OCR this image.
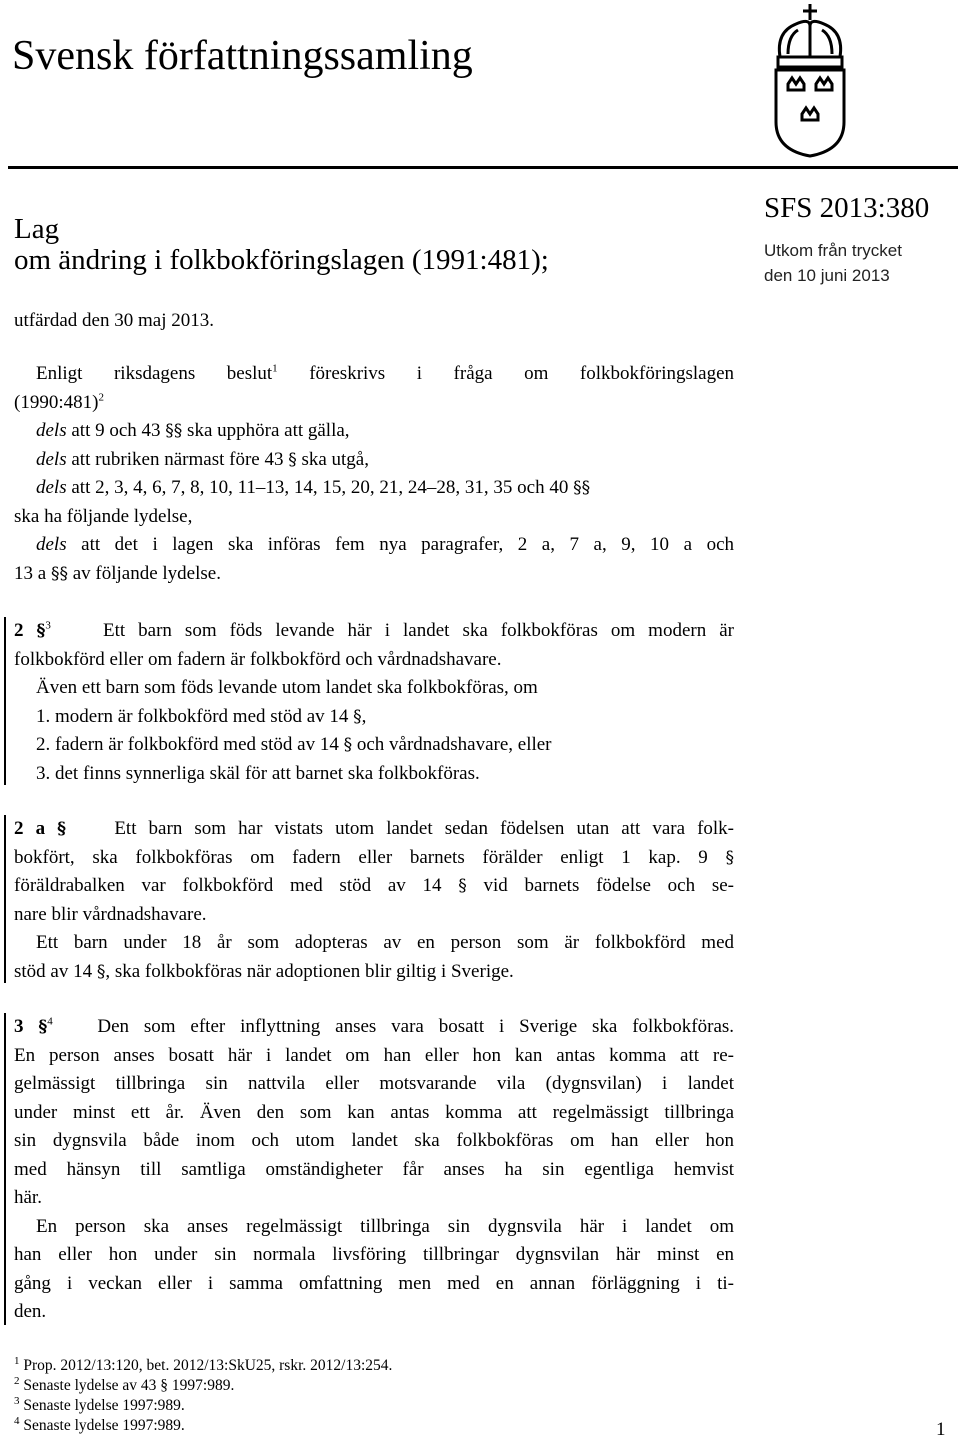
Svensk författningssamling
Lag
om ändring i folkbokföringslagen (1991:481);
SFS 2013:380
Utkom från trycket
den 10 juni 2013
utfärdad den 30 maj 2013.

Enligt riksdagens beslut$^1$ föreskrivs i fråga om folkbokföringslagen

(1990:481)$^2$

dels att 9 och 43 §§ ska upphöra att gälla,

dels att rubriken närmast före 43 § ska utgå,

dels att 2, 3, 4, 6, 7, 8, 10, 11–13, 14, 15, 20, 21, 24–28, 31, 35 och 40 §§

ska ha följande lydelse,

dels att det i lagen ska införas fem nya paragrafer, 2 a, 7 a, 9, 10 a och

13 a §§ av följande lydelse.

2 §$^3$	Ett barn som föds levande här i landet ska folkbokföras om modern är

folkbokförd eller om fadern är folkbokförd och vårdnadshavare.

Även ett barn som föds levande utom landet ska folkbokföras, om

1. modern är folkbokförd med stöd av 14 §,

2. fadern är folkbokförd med stöd av 14 § och vårdnadshavare, eller

3. det finns synnerliga skäl för att barnet ska folkbokföras.

2 a §	Ett barn som har vistats utom landet sedan födelsen utan att vara folk-

bokfört, ska folkbokföras om fadern eller barnets förälder enligt 1 kap. 9 §

föräldrabalken var folkbokförd med stöd av 14 § vid barnets födelse och se-

nare blir vårdnadshavare.

Ett barn under 18 år som adopteras av en person som är folkbokförd med

stöd av 14 §, ska folkbokföras när adoptionen blir giltig i Sverige.

3 §$^4$ Den som efter inflyttning anses vara bosatt i Sverige ska folkbokföras.

En person anses bosatt här i landet om han eller hon kan antas komma att re-

gelmässigt tillbringa sin nattvila eller motsvarande vila (dygnsvilan) i landet

under minst ett år. Även den som kan antas komma att regelmässigt tillbringa

sin dygnsvila både inom och utom landet ska folkbokföras om han eller hon

med hänsyn till samtliga omständigheter får anses ha sin egentliga hemvist

här.

En person ska anses regelmässigt tillbringa sin dygnsvila här i landet om

han eller hon under sin normala livsföring tillbringar dygnsvilan här minst en

gång i veckan eller i samma omfattning men med en annan förläggning i ti-

den.

$^1$ Prop. 2012/13:120, bet. 2012/13:SkU25, rskr. 2012/13:254.
$^2$ Senaste lydelse av 43 § 1997:989.
$^3$ Senaste lydelse 1997:989.
$^4$ Senaste lydelse 1997:989.	1
